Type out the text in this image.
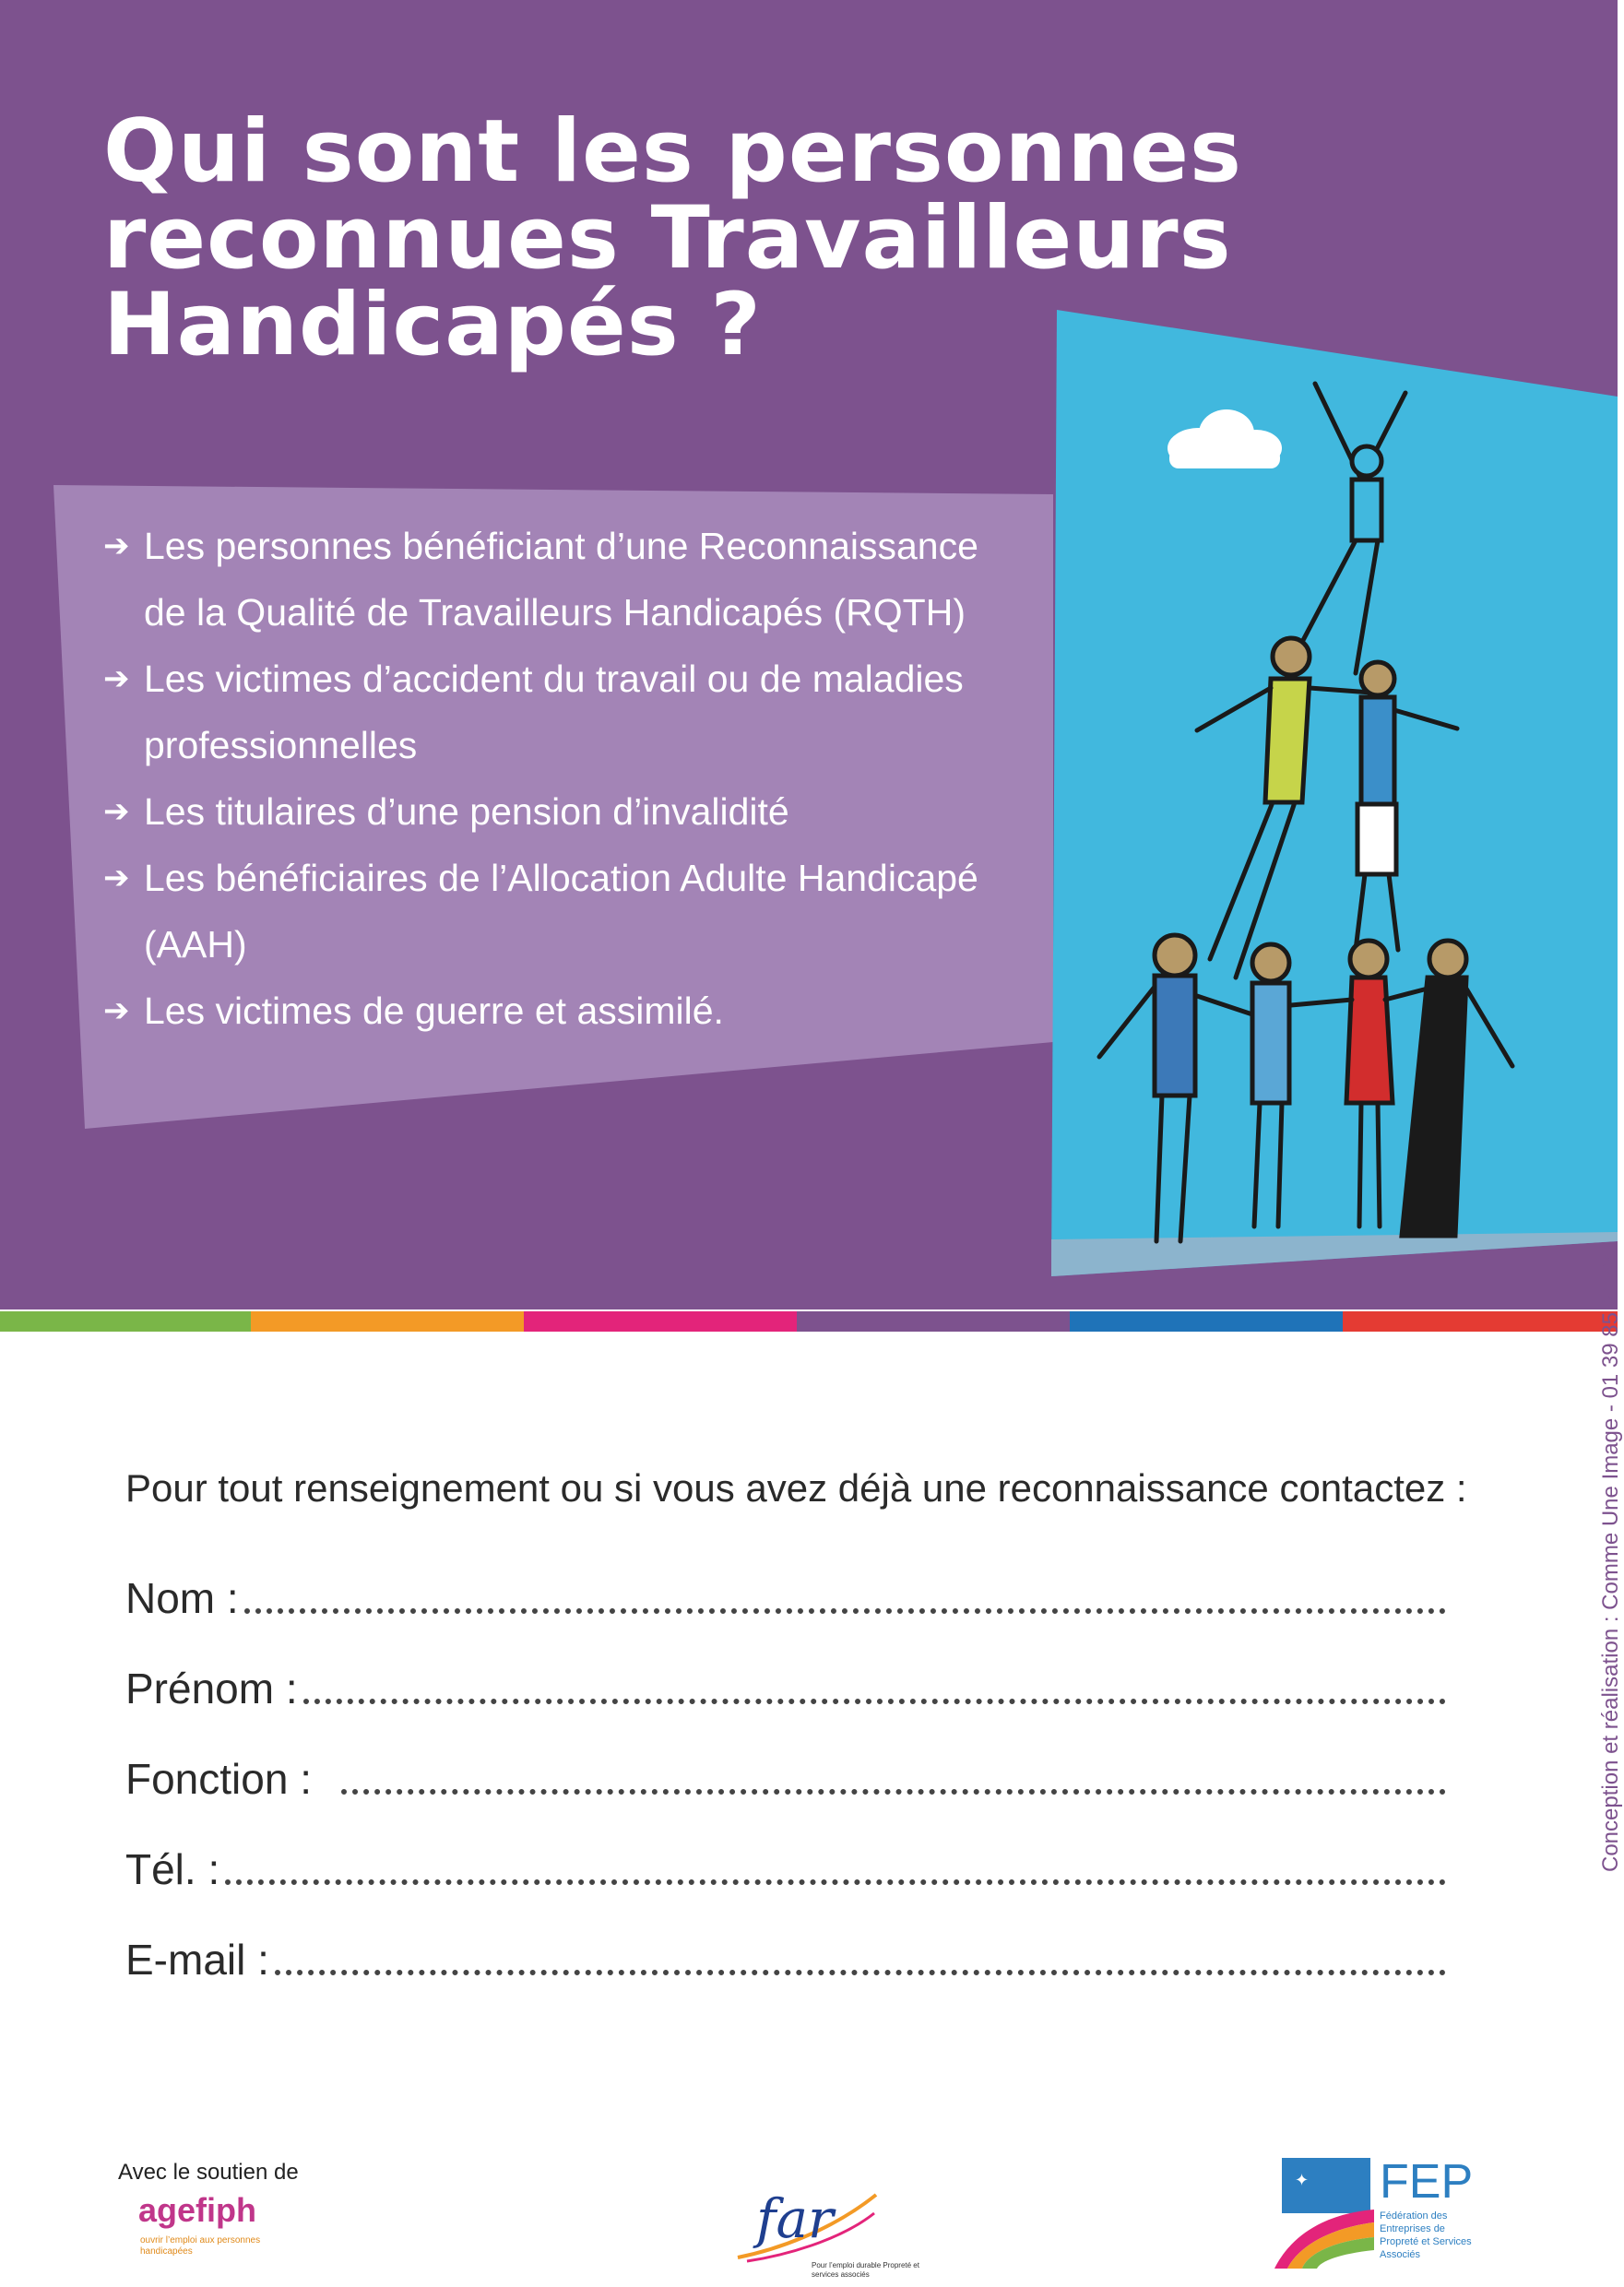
Qui sont les personnes
reconnues Travailleurs
Handicapés ?
➔ Les personnes bénéficiant d’une Reconnaissance
de la Qualité de Travailleurs Handicapés (RQTH)
➔ Les victimes d’accident du travail ou de maladies
professionnelles
➔ Les titulaires d’une pension d’invalidité
➔ Les bénéficiaires de l’Allocation Adulte Handicapé
(AAH)
➔ Les victimes de guerre et assimilé.

Pour tout renseignement ou si vous avez déjà une reconnaissance contactez :

Nom :
Prénom :
Fonction :
Tél. :
E-mail :

Conception et réalisation : Comme Une Image - 01 39 85 21 64

Avec le soutien de

agefiph

ouvrir l’emploi aux personnes handicapées

far

Pour l’emploi durable Propreté et services associés

✦ FEP

Fédération des Entreprises de Propreté et Services Associés
